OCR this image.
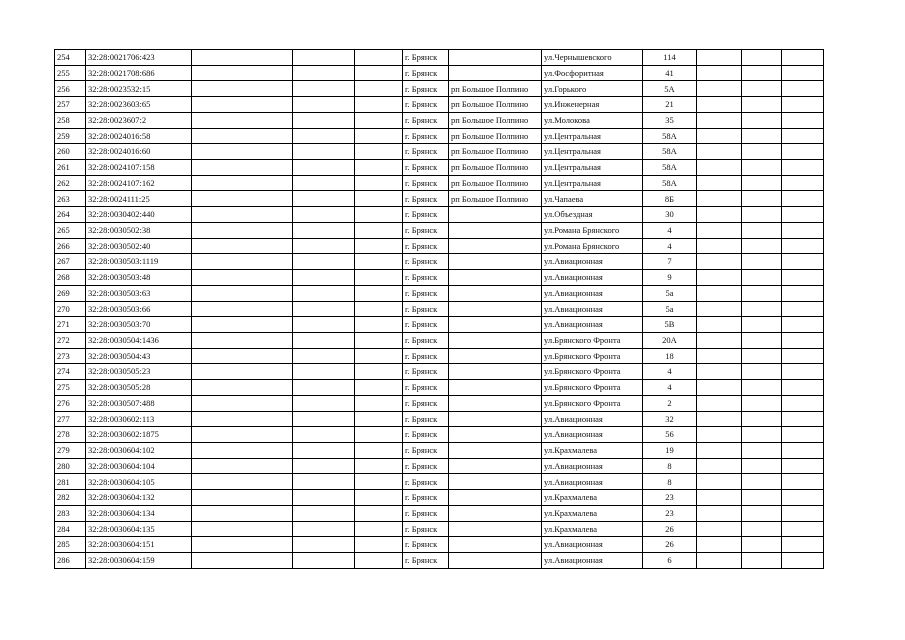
254	32:28:0021706:423				г. Брянск		ул.Чернышевского	114			
255	32:28:0021708:686				г. Брянск		ул.Фосфоритная	41			
256	32:28:0023532:15				г. Брянск	рп Большое Полпино	ул.Горького	5А			
257	32:28:0023603:65				г. Брянск	рп Большое Полпино	ул.Инженерная	21			
258	32:28:0023607:2				г. Брянск	рп Большое Полпино	ул.Молокова	35			
259	32:28:0024016:58				г. Брянск	рп Большое Полпино	ул.Центральная	58А			
260	32:28:0024016:60				г. Брянск	рп Большое Полпино	ул.Центральная	58А			
261	32:28:0024107:158				г. Брянск	рп Большое Полпино	ул.Центральная	58А			
262	32:28:0024107:162				г. Брянск	рп Большое Полпино	ул.Центральная	58А			
263	32:28:0024111:25				г. Брянск	рп Большое Полпино	ул.Чапаева	8Б			
264	32:28:0030402:440				г. Брянск		ул.Объездная	30			
265	32:28:0030502:38				г. Брянск		ул.Романа Брянского	4			
266	32:28:0030502:40				г. Брянск		ул.Романа Брянского	4			
267	32:28:0030503:1119				г. Брянск		ул.Авиационная	7			
268	32:28:0030503:48				г. Брянск		ул.Авиационная	9			
269	32:28:0030503:63				г. Брянск		ул.Авиационная	5а			
270	32:28:0030503:66				г. Брянск		ул.Авиационная	5а			
271	32:28:0030503:70				г. Брянск		ул.Авиационная	5В			
272	32:28:0030504:1436				г. Брянск		ул.Брянского Фронта	20А			
273	32:28:0030504:43				г. Брянск		ул.Брянского Фронта	18			
274	32:28:0030505:23				г. Брянск		ул.Брянского Фронта	4			
275	32:28:0030505:28				г. Брянск		ул.Брянского Фронта	4			
276	32:28:0030507:488				г. Брянск		ул.Брянского Фронта	2			
277	32:28:0030602:113				г. Брянск		ул.Авиационная	32			
278	32:28:0030602:1875				г. Брянск		ул.Авиационная	56			
279	32:28:0030604:102				г. Брянск		ул.Крахмалева	19			
280	32:28:0030604:104				г. Брянск		ул.Авиационная	8			
281	32:28:0030604:105				г. Брянск		ул.Авиационная	8			
282	32:28:0030604:132				г. Брянск		ул.Крахмалева	23			
283	32:28:0030604:134				г. Брянск		ул.Крахмалева	23			
284	32:28:0030604:135				г. Брянск		ул.Крахмалева	26			
285	32:28:0030604:151				г. Брянск		ул.Авиационная	26			
286	32:28:0030604:159				г. Брянск		ул.Авиационная	6			
